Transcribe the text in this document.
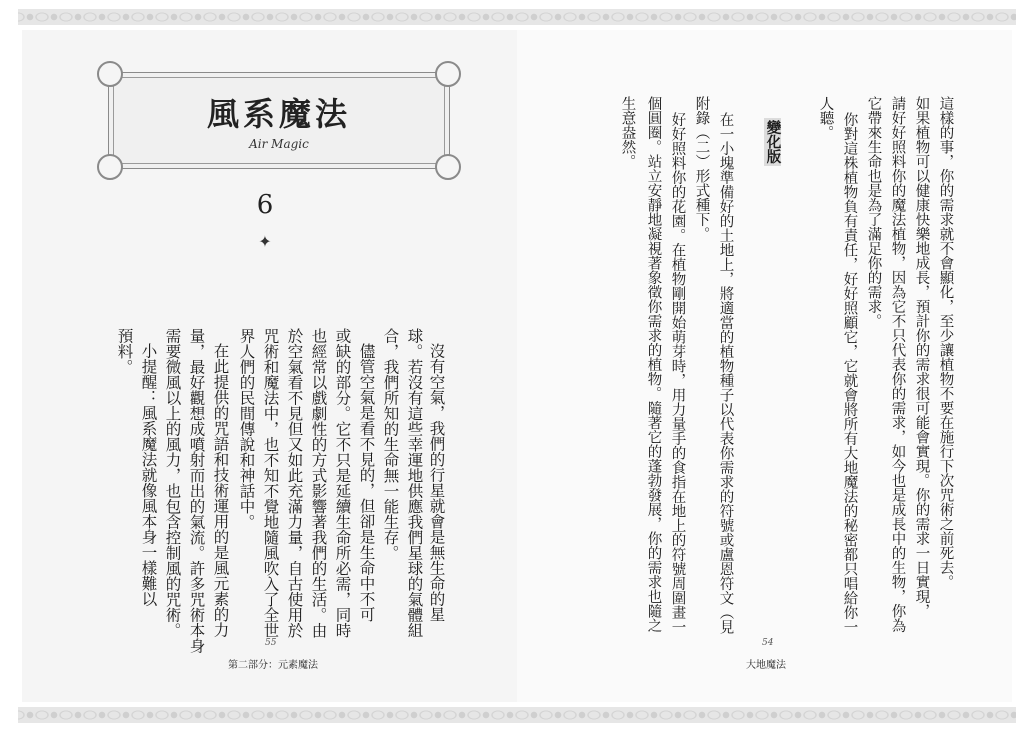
風系魔法
Air Magic
6
✦
沒有空氣，我們的行星就會是無生命的星
球。若沒有這些幸運地供應我們星球的氣體組
合，我們所知的生命無一能生存。
儘管空氣是看不見的，但卻是生命中不可
或缺的部分。它不只是延續生命所必需，同時
也經常以戲劇性的方式影響著我們的生活。由
於空氣看不見但又如此充滿力量，自古使用於
咒術和魔法中，也不知不覺地隨風吹入了全世
界人們的民間傳說和神話中。
在此提供的咒語和技術運用的是風元素的力
量，最好觀想成噴射而出的氣流。許多咒術本身
需要微風以上的風力，也包含控制風的咒術。
小提醒：風系魔法就像風本身一樣難以
預料。
55
第二部分：元素魔法
這樣的事，你的需求就不會顯化，至少讓植物不要在施行下次咒術之前死去。
如果植物可以健康快樂地成長，預計你的需求很可能會實現。你的需求一日實現，
請好好照料你的魔法植物，因為它不只代表你的需求，如今也是成長中的生物，你為
它帶來生命也是為了滿足你的需求。
你對這株植物負有責任，好好照顧它，它就會將所有大地魔法的秘密都只唱給你一
人聽。
變化版
在一小塊準備好的土地上，將適當的植物種子以代表你需求的符號或盧恩符文（見
附錄（二）形式種下。
好好照料你的花園。在植物剛開始萌芽時，用力量手的食指在地上的符號周圍畫一
個圓圈。站立安靜地凝視著象徵你需求的植物。隨著它的蓬勃發展，你的需求也隨之
生意盎然。
54
大地魔法
